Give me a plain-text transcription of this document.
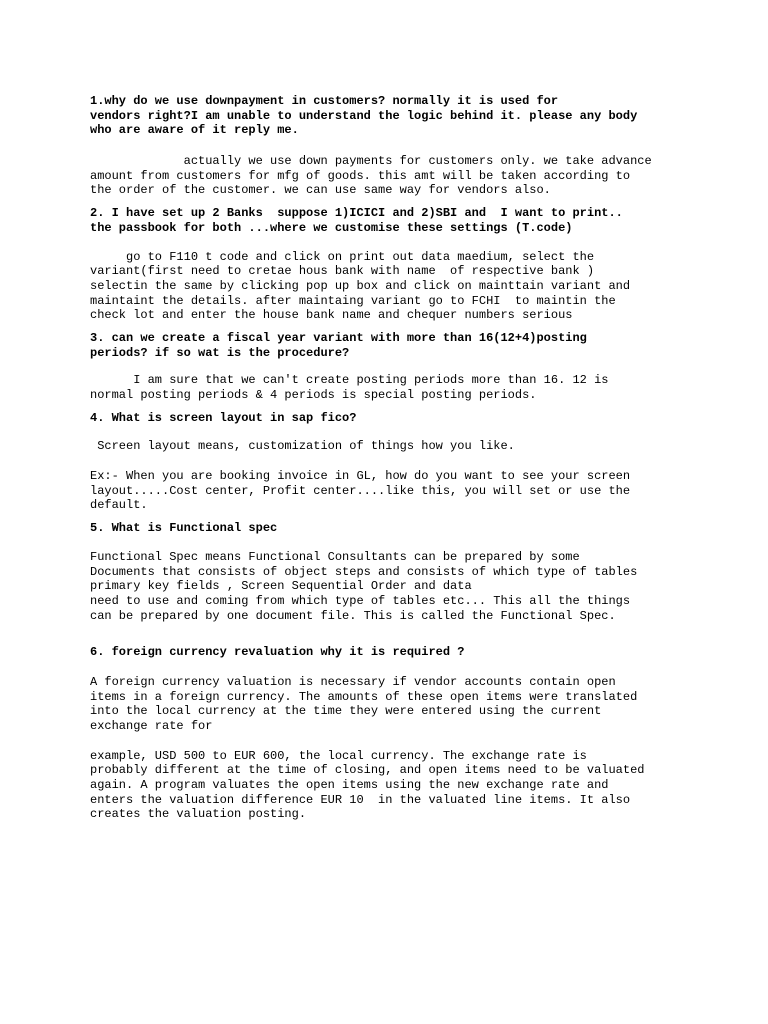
1.why do we use downpayment in customers? normally it is used for
vendors right?I am unable to understand the logic behind it. please any body
who are aware of it reply me.
actually we use down payments for customers only. we take advance
amount from customers for mfg of goods. this amt will be taken according to
the order of the customer. we can use same way for vendors also.
2. I have set up 2 Banks  suppose 1)ICICI and 2)SBI and  I want to print..
the passbook for both ...where we customise these settings (T.code)
go to F110 t code and click on print out data maedium, select the
variant(first need to cretae hous bank with name  of respective bank )
selectin the same by clicking pop up box and click on mainttain variant and
maintaint the details. after maintaing variant go to FCHI  to maintin the
check lot and enter the house bank name and chequer numbers serious
3. can we create a fiscal year variant with more than 16(12+4)posting
periods? if so wat is the procedure?
I am sure that we can't create posting periods more than 16. 12 is
normal posting periods & 4 periods is special posting periods.
4. What is screen layout in sap fico?
Screen layout means, customization of things how you like.
Ex:- When you are booking invoice in GL, how do you want to see your screen
layout.....Cost center, Profit center....like this, you will set or use the
default.
5. What is Functional spec
Functional Spec means Functional Consultants can be prepared by some
Documents that consists of object steps and consists of which type of tables
primary key fields , Screen Sequential Order and data
need to use and coming from which type of tables etc... This all the things
can be prepared by one document file. This is called the Functional Spec.
6. foreign currency revaluation why it is required ?
A foreign currency valuation is necessary if vendor accounts contain open
items in a foreign currency. The amounts of these open items were translated
into the local currency at the time they were entered using the current
exchange rate for
example, USD 500 to EUR 600, the local currency. The exchange rate is
probably different at the time of closing, and open items need to be valuated
again. A program valuates the open items using the new exchange rate and
enters the valuation difference EUR 10  in the valuated line items. It also
creates the valuation posting.
